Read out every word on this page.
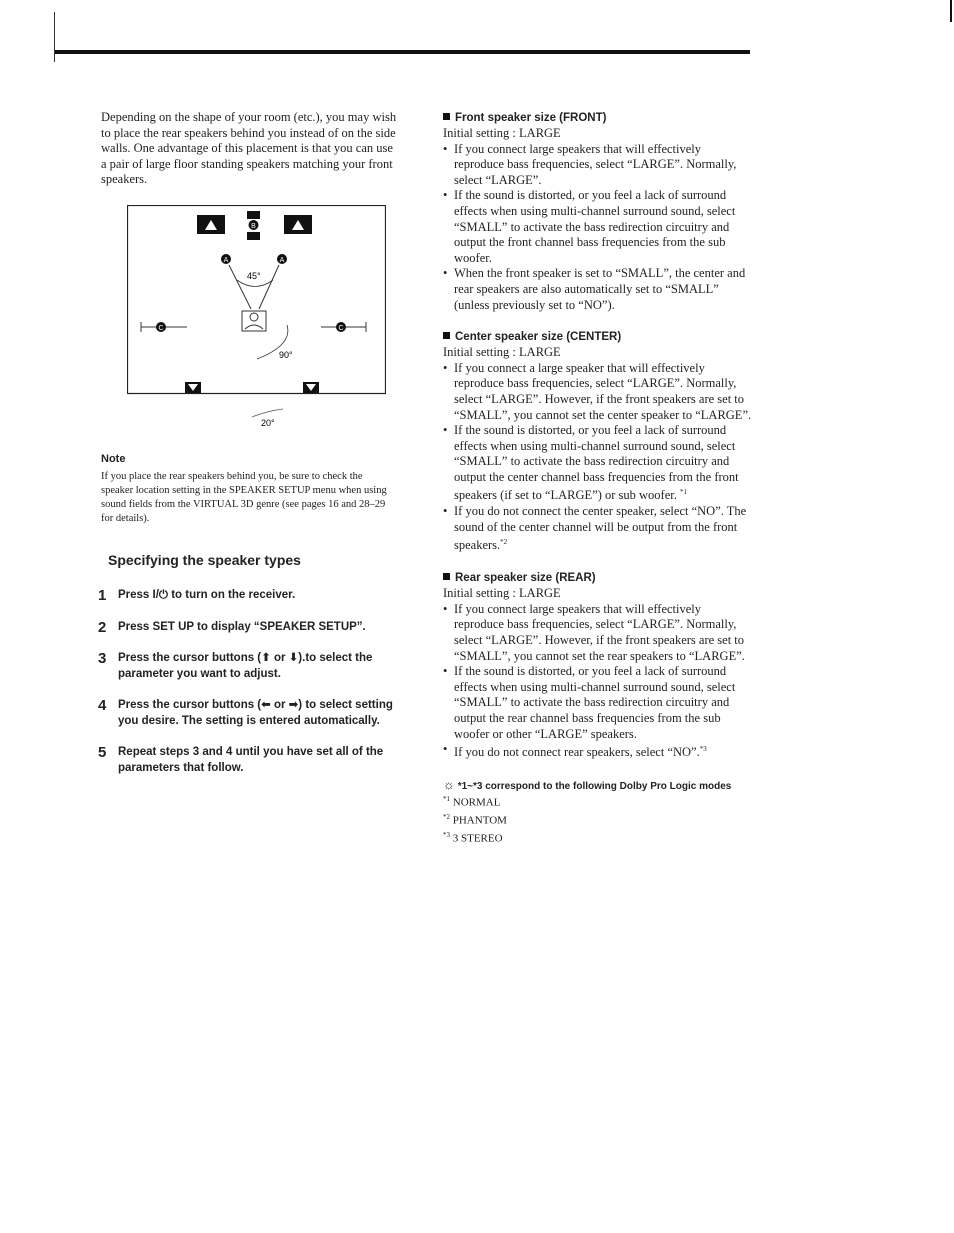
Depending on the shape of your room (etc.), you may wish to place the rear speakers behind you instead of on the side walls. One advantage of this placement is that you can use a pair of large floor standing speakers matching your front speakers.
B
A	A
45°
C	C
90°
20°
Note
If you place the rear speakers behind you, be sure to check the speaker location setting in the SPEAKER SETUP menu when using sound fields from the VIRTUAL 3D genre (see pages 16 and 28–29 for details).
Specifying the speaker types
1	Press I/⏻ to turn on the receiver.
2	Press SET UP to display “SPEAKER SETUP”.
3	Press the cursor buttons (⬆ or ⬇).to select the parameter you want to adjust.
4	Press the cursor buttons (⬅ or ➡) to select setting you desire. The setting is entered automatically.
5	Repeat steps 3 and 4 until you have set all of the parameters that follow.
Front speaker size (FRONT)
Initial setting : LARGE
• If you connect large speakers that will effectively reproduce bass frequencies, select “LARGE”. Normally, select “LARGE”.
• If the sound is distorted, or you feel a lack of surround effects when using multi-channel surround sound, select “SMALL” to activate the bass redirection circuitry and output the front channel bass frequencies from the sub woofer.
• When the front speaker is set to “SMALL”, the center and rear speakers are also automatically set to “SMALL” (unless previously set to “NO”).
Center speaker size (CENTER)
Initial setting : LARGE
• If you connect a large speaker that will effectively reproduce bass frequencies, select “LARGE”. Normally, select “LARGE”. However, if the front speakers are set to “SMALL”, you cannot set the center speaker to “LARGE”.
• If the sound is distorted, or you feel a lack of surround effects when using multi-channel surround sound, select “SMALL” to activate the bass redirection circuitry and output the center channel bass frequencies from the front speakers (if set to “LARGE”) or sub woofer. $^{*1}$
• If you do not connect the center speaker, select “NO”. The sound of the center channel will be output from the front speakers.$^{*2}$
Rear speaker size (REAR)
Initial setting : LARGE
• If you connect large speakers that will effectively reproduce bass frequencies, select “LARGE”. Normally, select “LARGE”. However, if the front speakers are set to “SMALL”, you cannot set the rear speakers to “LARGE”.
• If the sound is distorted, or you feel a lack of surround effects when using multi-channel surround sound, select “SMALL” to activate the bass redirection circuitry and output the rear channel bass frequencies from the sub woofer or other “LARGE” speakers.
• If you do not connect rear speakers, select “NO”.$^{*3}$
☼ *1~*3 correspond to the following Dolby Pro Logic modes
$^{*1}$ NORMAL
$^{*2}$ PHANTOM
$^{*3}$ 3 STEREO
